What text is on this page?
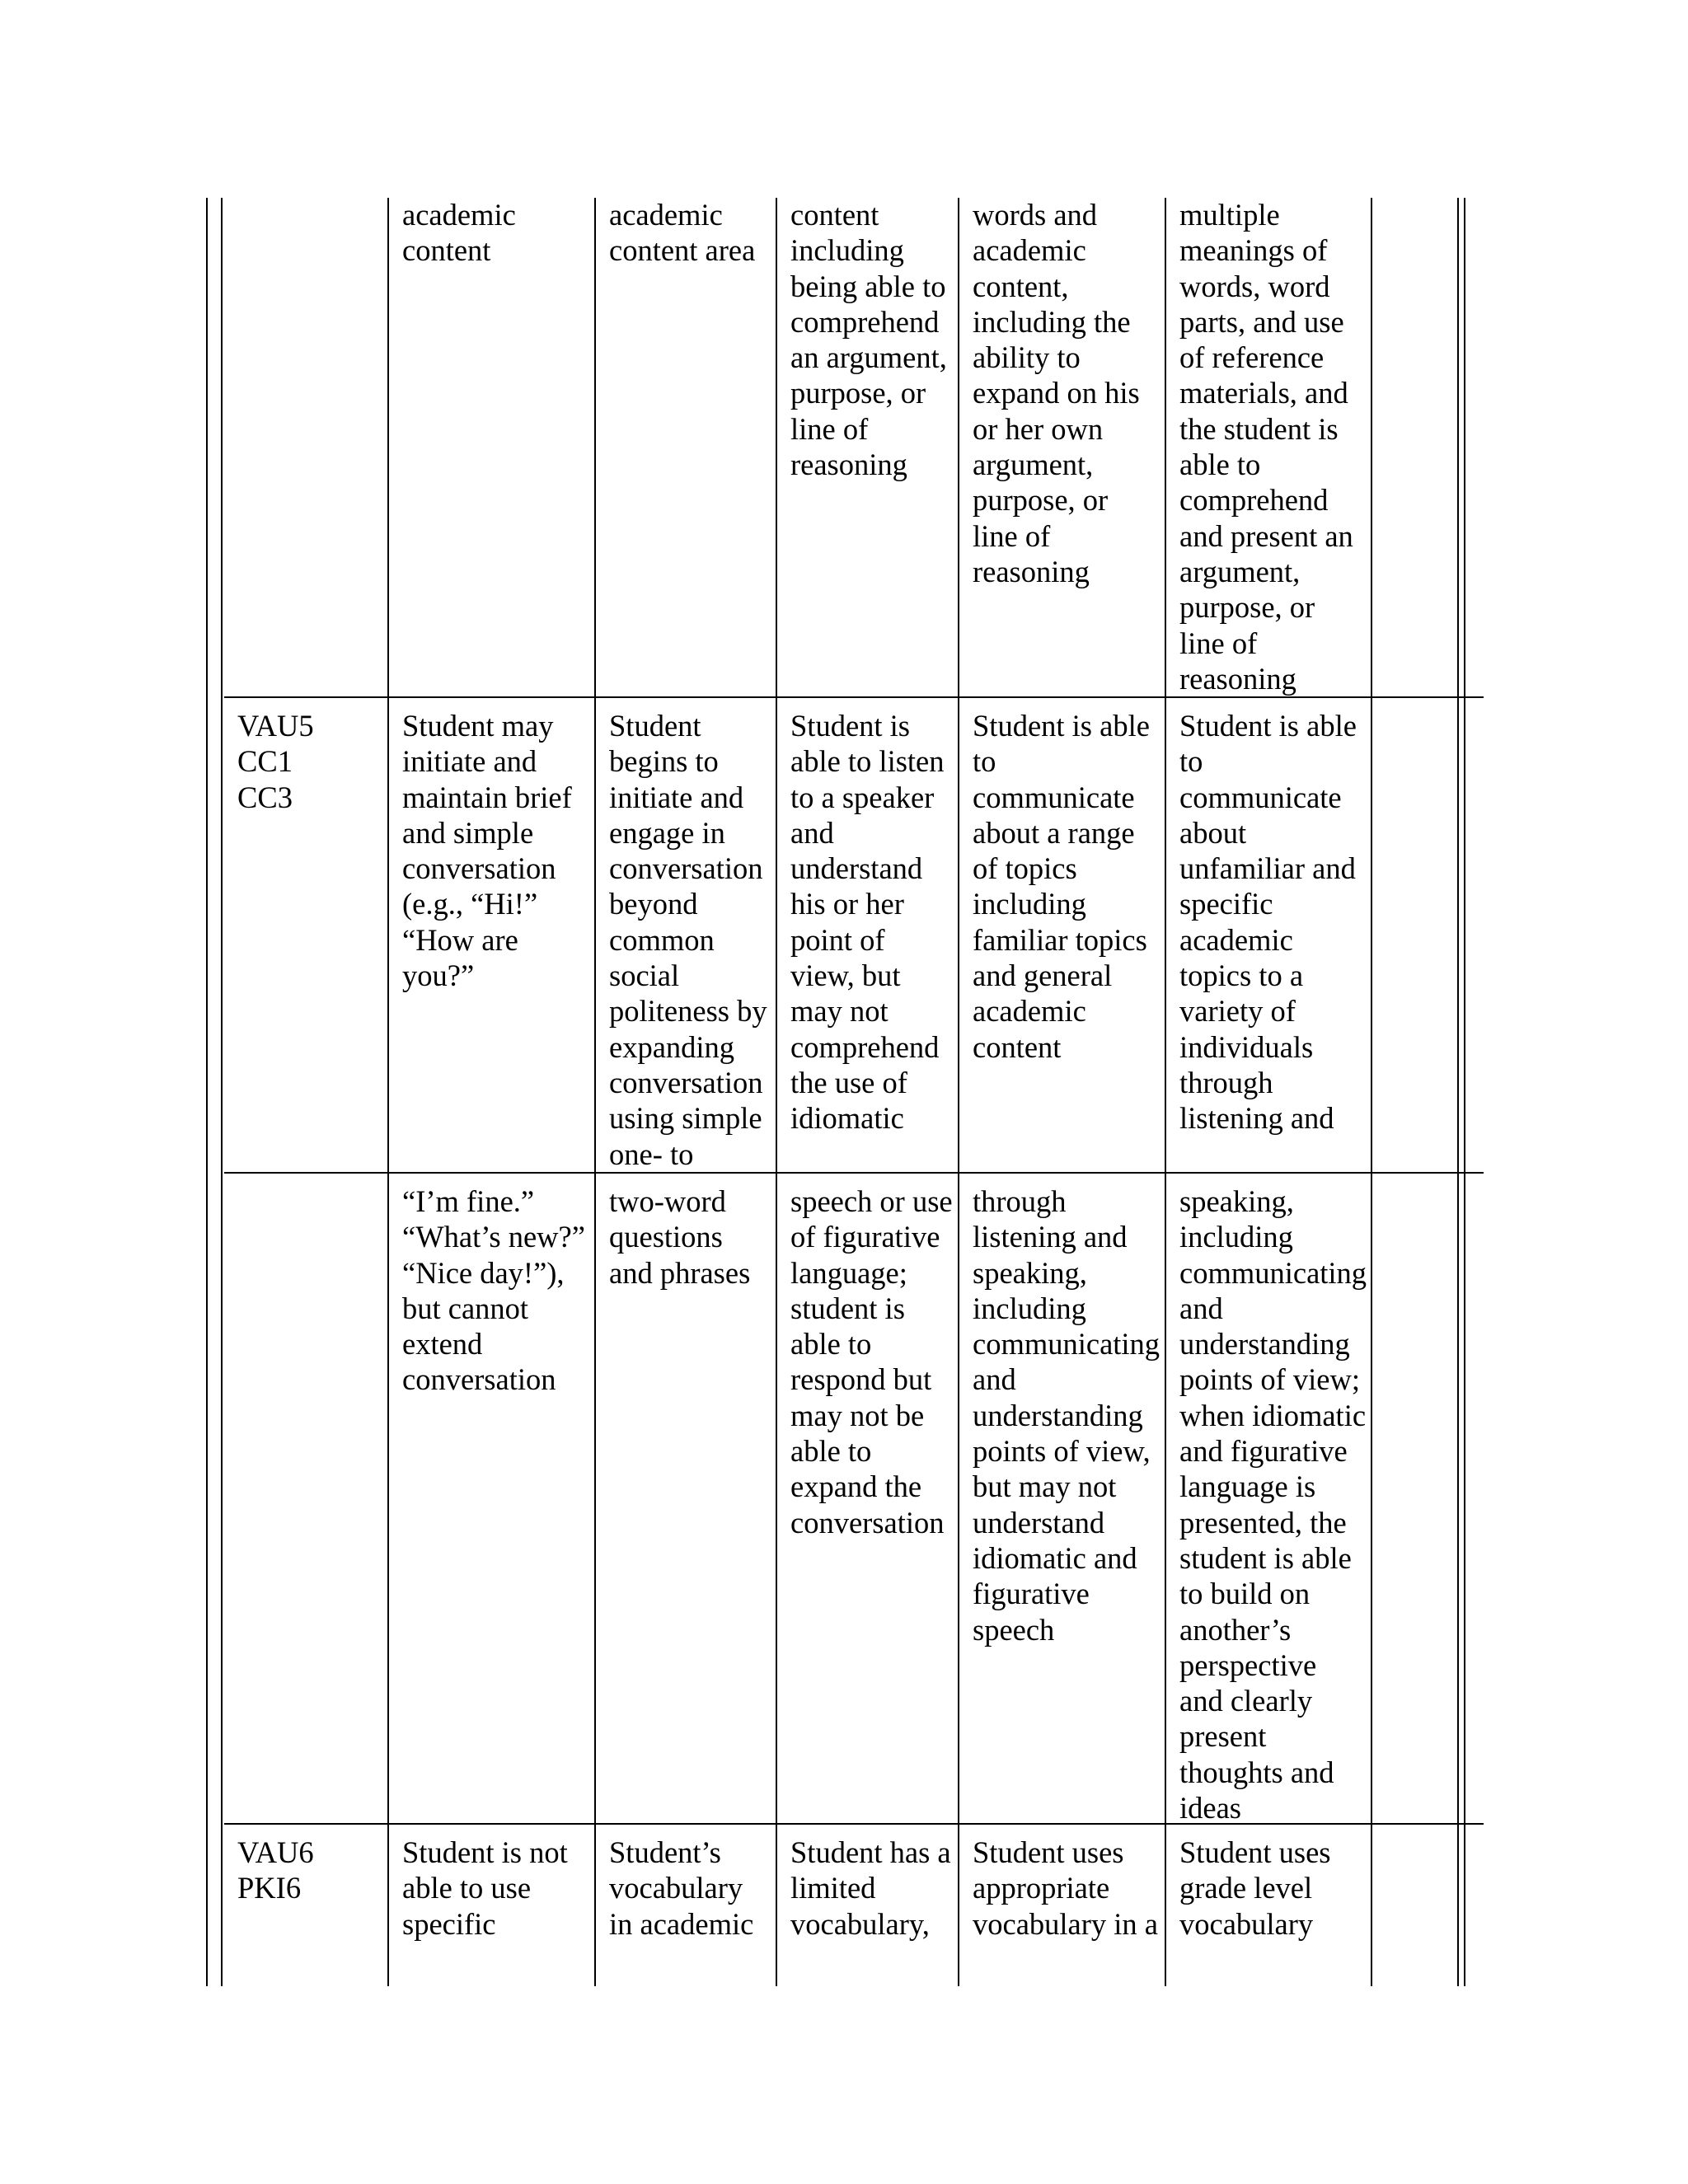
academic
content

academic
content area

content
including
being able to
comprehend
an argument,
purpose, or
line of
reasoning

words and
academic
content,
including the
ability to
expand on his
or her own
argument,
purpose, or
line of
reasoning

multiple
meanings of
words, word
parts, and use
of reference
materials, and
the student is
able to
comprehend
and present an
argument,
purpose, or
line of
reasoning

VAU5
CC1
CC3

Student may
initiate and
maintain brief
and simple
conversation
(e.g., “Hi!”
“How are
you?”

Student
begins to
initiate and
engage in
conversation
beyond
common
social
politeness by
expanding
conversation
using simple
one- to

Student is
able to listen
to a speaker
and
understand
his or her
point of
view, but
may not
comprehend
the use of
idiomatic

Student is able
to
communicate
about a range
of topics
including
familiar topics
and general
academic
content

Student is able
to
communicate
about
unfamiliar and
specific
academic
topics to a
variety of
individuals
through
listening and

“I’m fine.”
“What’s new?”
“Nice day!”),
but cannot
extend
conversation

two-word
questions
and phrases

speech or use
of figurative
language;
student is
able to
respond but
may not be
able to
expand the
conversation

through
listening and
speaking,
including
communicating
and
understanding
points of view,
but may not
understand
idiomatic and
figurative
speech

speaking,
including
communicating
and
understanding
points of view;
when idiomatic
and figurative
language is
presented, the
student is able
to build on
another’s
perspective
and clearly
present
thoughts and
ideas

VAU6
PKI6

Student is not
able to use
specific

Student’s
vocabulary
in academic

Student has a
limited
vocabulary,

Student uses
appropriate
vocabulary in a

Student uses
grade level
vocabulary
